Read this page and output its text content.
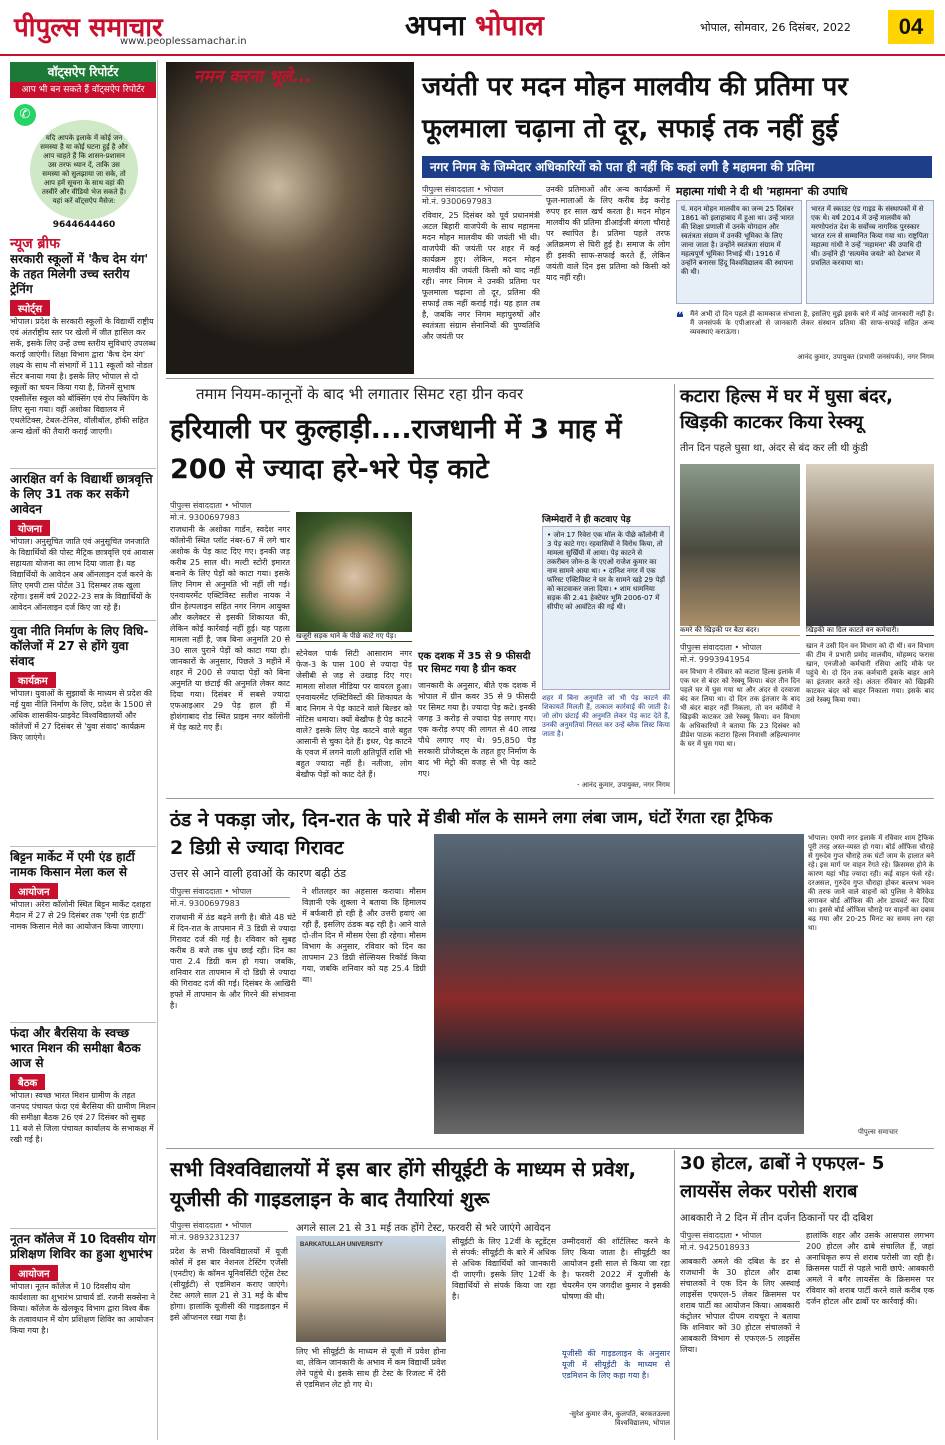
पीपुल्स समाचार
www.peoplessamachar.in	अपना भोपाल	भोपाल, सोमवार, 26 दिसंबर, 2022	04
वॉट्सऐप रिपोर्टर
आप भी बन सकते हैं वॉट्सऐप रिपोर्टर
✆
यदि आपके इलाके में कोई जन समस्या है या कोई घटना हुई है और आप चाहते हैं कि शासन-प्रशासन उस तरफ ध्यान दें, ताकि उस समस्या को सुलझाया जा सके, तो आप हमें सूचना के साथ वहां की तस्वीरें और वीडियो भेज सकते हैं। यहां करें वॉट्सऐप मैसेज:
9644644460
न्यूज ब्रीफ
सरकारी स्कूलों में 'कैच देम यंग' के तहत मिलेगी उच्च स्तरीय ट्रेनिंग
स्पोर्ट्स
भोपाल। प्रदेश के सरकारी स्कूलों के विद्यार्थी राष्ट्रीय एवं अंतर्राष्ट्रीय स्तर पर खेलों में जीत हासिल कर सकें, इसके लिए उन्हें उच्च स्तरीय सुविधाएं उपलब्ध कराई जाएंगी। शिक्षा विभाग द्वारा 'कैच देम यंग' लक्ष्य के साथ नौ संभागों में 111 स्कूलों को नोडल सेंटर बनाया गया है। इसके लिए भोपाल से दो स्कूलों का चयन किया गया है, जिनमें सुभाष एक्सीलेंस स्कूल को बॉक्सिंग एवं रोप स्किपिंग के लिए सुना गया। वहीं अशोका विद्यालय में एथलेटिक्स, टेबल-टेनिस, वॉलीबॉल, हॉकी सहित अन्य खेलों की तैयारी कराई जाएगी।
आरक्षित वर्ग के विद्यार्थी छात्रवृत्ति के लिए 31 तक कर सकेंगे आवेदन
योजना
भोपाल। अनुसूचित जाति एवं अनुसूचित जनजाति के विद्यार्थियों की पोस्ट मैट्रिक छात्रवृत्ति एवं आवास सहायता योजना का लाभ दिया जाता है। यह विद्यार्थियों के आवेदन अब ऑनलाइन दर्ज करने के लिए एमपी टास पोर्टल 31 दिसम्बर तक खुला रहेगा। इसमें वर्ष 2022-23 सत्र के विद्यार्थियों के आवेदन ऑनलाइन दर्ज किए जा रहे हैं।
युवा नीति निर्माण के लिए विधि-कॉलेजों में 27 से होंगे युवा संवाद
कार्यक्रम
भोपाल। युवाओं के सुझावों के माध्यम से प्रदेश की नई युवा नीति निर्माण के लिए, प्रदेश के 1500 से अधिक शासकीय-प्राइवेट विश्वविद्यालयों और कॉलेजों में 27 दिसंबर से 'युवा संवाद' कार्यक्रम किए जाएंगे।
बिट्टन मार्केट में एमी एंड हार्टी नामक किसान मेला कल से
आयोजन
भोपाल। अरेरा कॉलोनी स्थित बिट्टन मार्केट दशहरा मैदान में 27 से 29 दिसंबर तक 'एमी एंड हार्टी' नामक किसान मेले का आयोजन किया जाएगा।
फंदा और बैरसिया के स्वच्छ भारत मिशन की समीक्षा बैठक आज से
बैठक
भोपाल। स्वच्छ भारत मिशन ग्रामीण के तहत जनपद पंचायत फंदा एवं बैरसिया की ग्रामीण मिशन की समीक्षा बैठक 26 एवं 27 दिसंबर को सुबह 11 बजे से जिला पंचायत कार्यालय के सभाकक्ष में रखी गई है।
नूतन कॉलेज में 10 दिवसीय योग प्रशिक्षण शिविर का हुआ शुभारंभ
आयोजन
भोपाल। नूतन कॉलेज में 10 दिवसीय योग कार्यशाला का शुभारंभ प्राचार्य डॉ. रजनी सक्सेना ने किया। कॉलेज के खेलकूद विभाग द्वारा विश्व बैंक के तत्वावधान में योग प्रशिक्षण शिविर का आयोजन किया गया है।
नमन करना भूले...	जयंती पर मदन मोहन मालवीय की प्रतिमा पर फूलमाला चढ़ाना तो दूर, सफाई तक नहीं हुई
नगर निगम के जिम्मेदार अधिकारियों को पता ही नहीं कि कहां लगी है महामना की प्रतिमा
पीपुल्स संवाददाता • भोपाल
मो.नं. 9300697983
रविवार, 25 दिसंबर को पूर्व प्रधानमंत्री अटल बिहारी वाजपेयी के साथ महामना मदन मोहन मालवीय की जयंती भी थी। वाजपेयी की जयंती पर शहर में कई कार्यक्रम हुए। लेकिन, मदन मोहन मालवीय की जयंती किसी को याद नहीं रही। नगर निगम ने उनकी प्रतिमा पर फूलमाला चढ़ाना तो दूर, प्रतिमा की सफाई तक नहीं कराई गई। यह हाल तब है, जबकि नगर निगम महापुरुषों और स्वतंत्रता संग्राम सेनानियों की पुण्यतिथि और जयंती पर
उनकी प्रतिमाओं और अन्य कार्यक्रमों में फूल-मालाओं के लिए करीब डेढ़ करोड़ रुपए हर साल खर्च करता है। मदन मोहन मालवीय की प्रतिमा डीआईजी बंगला चौराहे पर स्थापित है। प्रतिमा पहले तरफ अतिक्रमण से घिरी हुई है। समाज के लोग ही इसकी साफ-सफाई करते हैं, लेकिन जयंती वाले दिन इस प्रतिमा को किसी को याद नहीं रही।
महात्मा गांधी ने दी थी 'महामना' की उपाधि
पं. मदन मोहन मालवीय का जन्म 25 दिसंबर 1861 को इलाहाबाद में हुआ था। उन्हें भारत की शिक्षा प्रणाली में उनके योगदान और स्वतंत्रता संग्राम में उनकी भूमिका के लिए जाना जाता है। उन्होंने स्वतंत्रता संग्राम में महत्वपूर्ण भूमिका निभाई थी। 1916 में उन्होंने बनारस हिंदू विश्वविद्यालय की स्थापना की थी।
भारत में स्काउट एंड गाइड के संस्थापकों में से एक थे। वर्ष 2014 में उन्हें मालवीय को मरणोपरांत देश के सर्वोच्च नागरिक पुरस्कार भारत रत्न से सम्मानित किया गया था। राष्ट्रपिता महात्मा गांधी ने उन्हें 'महामना' की उपाधि दी थी। उन्होंने ही 'सत्यमेव जयते' को देशभर में प्रचलित करवाया था।
❝ मैंने अभी दो दिन पहले ही कामकाज संभाला है, इसलिए मुझे इसके बारे में कोई जानकारी नहीं है। मैं जनसंपर्क के एपीआरओ से जानकारी लेकर संस्थान प्रतिमा की साफ-सफाई सहित अन्य व्यवस्थाएं कराऊंगा।
आनंद कुमार, उपायुक्त (प्रभारी जनसंपर्क), नगर निगम
तमाम नियम-कानूनों के बाद भी लगातार सिमट रहा ग्रीन कवर
हरियाली पर कुल्हाड़ी....राजधानी में 3 माह में 200 से ज्यादा हरे-भरे पेड़ काटे
पीपुल्स संवाददाता • भोपाल
मो.नं. 9300697983
राजधानी के अशोका गार्डन, स्वदेश नगर कॉलोनी स्थित प्लॉट नंबर-67 में लगे चार अशोक के पेड़ काट दिए गए। इनकी जड़ करीब 25 साल थी। मल्टी स्टोरी इमारत बनाने के लिए पेड़ों को काटा गया। इसके लिए निगम से अनुमति भी नहीं ली गई। एनवायरमेंट एक्टिविस्ट सतीश नायक ने ग्रीन हेल्पलाइन सहित नगर निगम आयुक्त और कलेक्टर से इसकी शिकायत की, लेकिन कोई कार्रवाई नहीं हुई। यह पहला मामला नहीं है, जब बिना अनुमति 20 से 30 साल पुराने पेड़ों को काटा गया हो। जानकारों के अनुसार, पिछले 3 महीने में शहर में 200 से ज्यादा पेड़ों को बिना अनुमति या छंटाई की अनुमति लेकर काट दिया गया। दिसंबर में सबसे ज्यादा एफआइआर 29 पेड़ हाल ही में होशंगाबाद रोड स्थित प्राइम नगर कॉलोनी में पेड़ काटे गए हैं।
खजूरी सड़क थाने के पीछे काटे गए पेड़।
स्टेनेवल पार्क सिटी आसाराम नगर फेज-3 के पास 100 से ज्यादा पेड़ जेसीबी से जड़ से उखाड़ दिए गए। मामला सोशल मीडिया पर वायरल हुआ। एनवायरमेंट एक्टिविस्टों की शिकायत के बाद निगम ने पेड़ काटने वाले बिल्डर को नोटिस थमाया। क्यों बेखौफ है पेड़ काटने वाले? इसके लिए पेड़ काटने वाले बहुत आसानी से चुका देते हैं। इधर, पेड़ काटने के एवज में लगने वाली क्षतिपूर्ति राशि भी बहुत ज्यादा नहीं है। नतीजा, लोग बेखौफ पेड़ों को काट देते हैं।
एक दशक में 35 से 9 फीसदी पर सिमट गया है ग्रीन कवर
जानकारी के अनुसार, बीते एक दशक में भोपाल में ग्रीन कवर 35 से 9 फीसदी पर सिमट गया है। ज्यादा पेड़ कटे। इनकी जगह 3 करोड़ से ज्यादा पेड़ लगाए गए। एक करोड़ रुपए की लागत से 40 लाख पौधे लगाए गए थे। 95,850 पेड़ सरकारी प्रोजेक्ट्स के तहत हुए निर्माण के बाद भी मेट्रो की वजह से भी पेड़ काटे गए।
जिम्मेदारों ने ही कटवाए पेड़
• जोन 17 रिवेरा एक मॉल के पीछे कॉलोनी में 3 पेड़ काटे गए। रहवासियों ने विरोध किया, तो मामला सुर्खियों में आया। पेड़ काटने से तकरीबन जोन-8 के एएओ राजेश कुमार का नाम सामने आया था। • दानिश नगर में एक फॉरेस्ट एक्टिविस्ट ने घर के सामने खड़े 29 पेड़ों को काटवाकर जला दिया। • शाम धामनिया सड़क की 2.41 हेक्टेयर भूमि 2006-07 में सीपीए को आवंटित की गई थी।
शहर में बिना अनुमति जो भी पेड़ काटने की शिकायतें मिलती हैं, तत्काल कार्रवाई की जाती है। जो लोग छंटाई की अनुमति लेकर पेड़ काट देते हैं, उनकी अनुमतियां निरस्त कर उन्हें ब्लैक लिस्ट किया जाता है।
- आनंद कुमार, उपायुक्त, नगर निगम
कटारा हिल्स में घर में घुसा बंदर, खिड़की काटकर किया रेस्क्यू
तीन दिन पहले घुसा था, अंदर से बंद कर ली थी कुंडी
कमरे की खिड़की पर बैठा बंदर।	खिड़की का ग्रिल काटते वन कर्मचारी।
पीपुल्स संवाददाता • भोपाल
मो.नं. 9993941954
वन विभाग ने रविवार को कटारा हिल्स इलाके में एक घर से बंदर को रेस्क्यू किया। बंदर तीन दिन पहले घर में घुस गया था और अंदर से दरवाजा बंद कर लिया था। दो दिन तक इंतजार के बाद भी बंदर बाहर नहीं निकला, तो वन कर्मियों ने खिड़की काटकर उसे रेस्क्यू किया। वन विभाग के अधिकारियों ने बताया कि 23 दिसंबर को डीप्रेश पाठक कटारा हिल्स निवासी अहिल्यानगर के घर में घुस गया था।
खान ने उसी दिन वन विभाग को दी थी। वन विभाग की टीम ने प्रभारी प्रमोद मालवीय, मोहम्मद फरास खान, एनजीओ कर्मचारी रसिया आदि मौके पर पहुंचे थे। दो दिन तक कर्मचारी इसके बाहर आने का इंतजार करते रहे। अंततः रविवार को खिड़की काटकर बंदर को बाहर निकाला गया। इसके बाद उसे रेस्क्यू किया गया।
ठंड ने पकड़ा जोर, दिन-रात के पारे में 2 डिग्री से ज्यादा गिरावट
उत्तर से आने वाली हवाओं के कारण बढ़ी ठंड
पीपुल्स संवाददाता • भोपाल
मो.नं. 9300697983
राजधानी में ठंड बढ़ने लगी है। बीते 48 घंटे में दिन-रात के तापमान में 3 डिग्री से ज्यादा गिरावट दर्ज की गई है। रविवार को सुबह करीब 8 बजे तक धुंध छाई रही। दिन का पारा 2.4 डिग्री कम हो गया। जबकि, शनिवार रात तापमान में दो डिग्री से ज्यादा की गिरावट दर्ज की गई। दिसंबर के आखिरी हफ्ते में तापमान के और गिरने की संभावना है।
ने शीतलहर का अहसास कराया। मौसम विज्ञानी एके शुक्ला ने बताया कि हिमालय में बर्फबारी हो रही है और उत्तरी हवाएं आ रही हैं, इसलिए ठंडक बढ़ रही है। आने वाले दो-तीन दिन में मौसम ऐसा ही रहेगा। मौसम विभाग के अनुसार, रविवार को दिन का तापमान 23 डिग्री सेल्सियस रिकॉर्ड किया गया, जबकि शनिवार को यह 25.4 डिग्री था।
डीबी मॉल के सामने लगा लंबा जाम, घंटों रेंगता रहा ट्रैफिक
भोपाल। एमपी नगर इलाके में रविवार शाम ट्रैफिक पूरी तरह अस्त-व्यस्त हो गया। बोर्ड ऑफिस चौराहे से गुरुदेव गुप्त चौराहे तक घंटों जाम के हालात बने रहे। इस मार्ग पर वाहन रेंगते रहे। क्रिसमस होने के कारण यहां भीड़ ज्यादा रही। कई वाहन फंसे रहे। दरअसल, गुरुदेव गुप्त चौराहा होकर बल्लभ भवन की तरफ जाने वाले वाहनों को पुलिस ने बैरिकेड लगाकर बोर्ड ऑफिस की ओर डायवर्ट कर दिया था। इससे बोर्ड ऑफिस चौराहे पर वाहनों का दबाव बढ़ गया और 20-25 मिनट का समय लग रहा था।
पीपुल्स समाचार
सभी विश्वविद्यालयों में इस बार होंगे सीयूईटी के माध्यम से प्रवेश, यूजीसी की गाइडलाइन के बाद तैयारियां शुरू
पीपुल्स संवाददाता • भोपाल	अगले साल 21 से 31 मई तक होंगे टेस्ट, फरवरी से भरे जाएंगे आवेदन
मो.नं. 9893231237
प्रदेश के सभी विश्वविद्यालयों में यूजी कोर्स में इस बार नेशनल टेस्टिंग एजेंसी (एनटीए) के कॉमन यूनिवर्सिटी एंट्रेंस टेस्ट (सीयूईटी) से एडमिशन कराए जाएंगे। टेस्ट अगले साल 21 से 31 मई के बीच होगा। हालांकि यूजीसी की गाइडलाइन में इसे ऑप्शनल रखा गया है।
BARKATULLAH UNIVERSITY
लिए भी सीयूईटी के माध्यम से यूजी में प्रवेश होना था, लेकिन जानकारी के अभाव में कम विद्यार्थी प्रवेश लेने पहुंचे थे। इसके साथ ही टेस्ट के रिजल्ट में देरी से एडमिशन लेट हो गए थे।
सीयूईटी के लिए 12वीं के स्टूडेंट्स से संपर्क: सीयूईटी के बारे में अधिक से अधिक विद्यार्थियों को जानकारी दी जाएगी। इसके लिए 12वीं के विद्यार्थियों से संपर्क किया जा रहा है।
उम्मीदवारों की शॉर्टलिस्ट करने के लिए किया जाता है। सीयूईटी का आयोजन इसी साल से किया जा रहा है। फरवरी 2022 में यूजीसी के चेयरमैन एम जगदीश कुमार ने इसकी घोषणा की थी।
यूजीसी की गाइडलाइन के अनुसार यूजी में सीयूईटी के माध्यम से एडमिशन के लिए कहा गया है।
-सुरेश कुमार जैन, कुलपति, बरकतउल्ला विश्वविद्यालय, भोपाल
30 होटल, ढाबों ने एफएल- 5 लायसेंस लेकर परोसी शराब
आबकारी ने 2 दिन में तीन दर्जन ठिकानों पर दी दबिश
पीपुल्स संवाददाता • भोपाल
मो.नं. 9425018933
आबकारी अमले की दबिश के डर से राजधानी के 30 होटल और ढाबा संचालकों ने एक दिन के लिए अस्थाई लाइसेंस एफएल-5 लेकर क्रिसमस पर शराब पार्टी का आयोजन किया। आबकारी कंट्रोलर भोपाल दीपम रायचूरा ने बताया कि शनिवार को 30 होटल संचालकों ने आबकारी विभाग से एफएल-5 लाइसेंस लिया।
हालांकि शहर और उसके आसपास लगभग 200 होटल और ढाबे संचालित हैं, जहां अनाधिकृत रूप से शराब परोसी जा रही है। क्रिसमस पार्टी से पहले भारी छापे: आबकारी अमले ने बगैर लायसेंस के क्रिसमस पर रविवार को शराब पार्टी करने वाले करीब एक दर्जन होटल और ढाबों पर कार्रवाई की।
